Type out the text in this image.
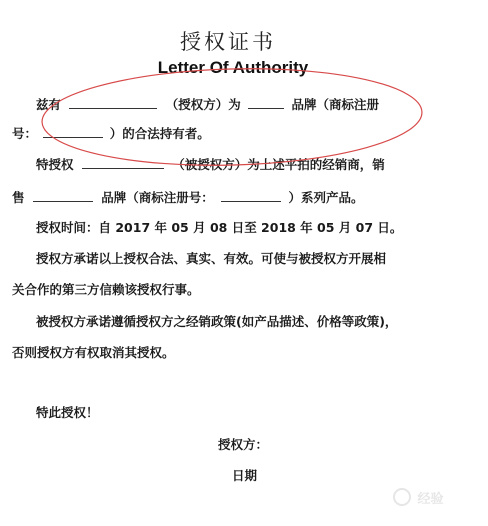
授权证书
Letter Of Authority
兹有	（授权方）为	品牌（商标注册
号：	）的合法持有者。
特授权	（被授权方）为上述平拍的经销商，销
售	品牌（商标注册号：	）系列产品。
授权时间：自 2017 年 05 月 08 日至 2018 年 05 月 07 日。
授权方承诺以上授权合法、真实、有效。可使与被授权方开展相
关合作的第三方信赖该授权行事。
被授权方承诺遵循授权方之经销政策(如产品描述、价格等政策)，
否则授权方有权取消其授权。
特此授权！
授权方：
日期
经验
